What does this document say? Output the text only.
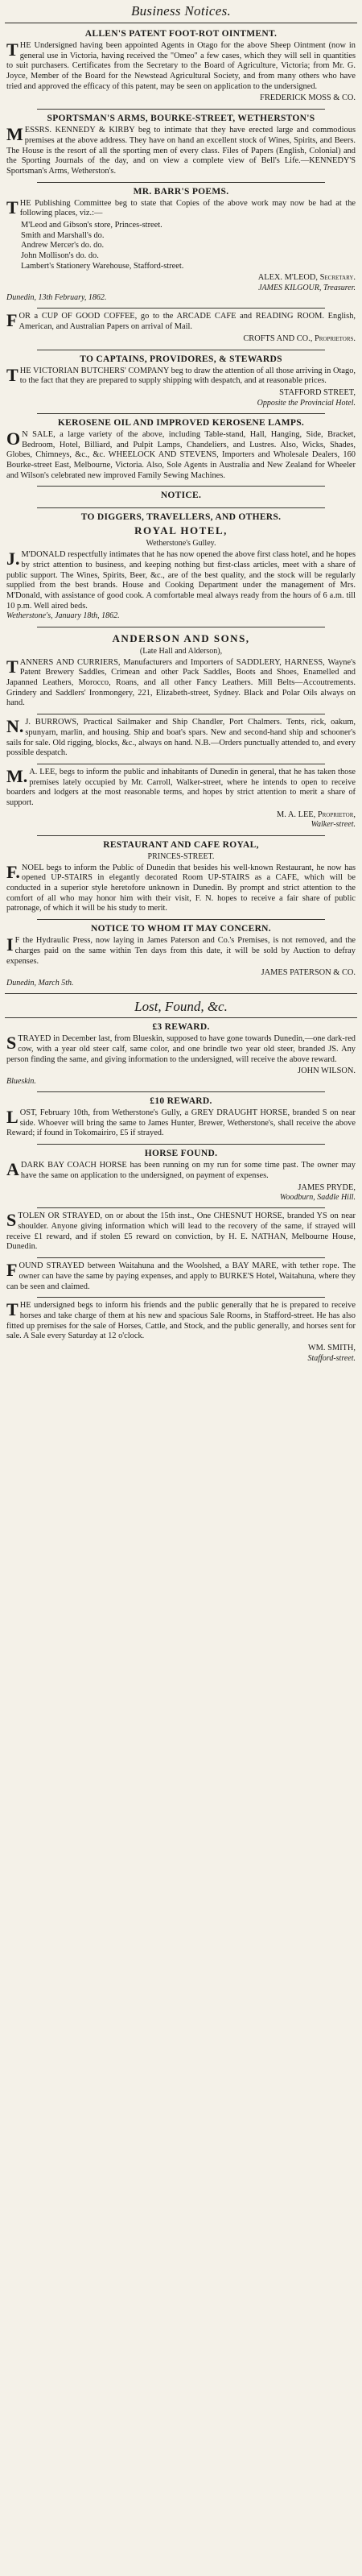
Business Notices.
ALLEN'S PATENT FOOT-ROT OINTMENT.

THE Undersigned having been appointed Agents in Otago for the above Sheep Ointment (now in general use in Victoria, having received the "Omeo" a few cases, which they will sell in quantities to suit purchasers. Certificates from the Secretary to the Board of Agriculture, Victoria; from Mr. G. Joyce, Member of the Board for the Newstead Agricultural Society, and from many others who have tried and approved the efficacy of this patent, may be seen on application to the undersigned.

FREDERICK MOSS & CO.
SPORTSMAN'S ARMS, BOURKE-STREET, WETHERSTON'S

MESSRS. KENNEDY & KIRBY beg to intimate that they have erected large and commodious premises at the above address. They have on hand an excellent stock of Wines, Spirits, and Beers. The House is the resort of all the sporting men of every class. Files of Papers (English, Colonial) and the Sporting Journals of the day, and on view a complete view of Bell's Life.—KENNEDY'S Sportsman's Arms, Wetherston's.

MR. BARR'S POEMS.

THE Publishing Committee beg to state that Copies of the above work may now be had at the following places, viz.:—

M'Leod and Gibson's store, Princes-street.
Smith and Marshall's do.
Andrew Mercer's do. do.
John Mollison's do. do.
Lambert's Stationery Warehouse, Stafford-street.
ALEX. M'LEOD, Secretary.
JAMES KILGOUR, Treasurer.
Dunedin, 13th February, 1862.

FOR a CUP OF GOOD COFFEE, go to the ARCADE CAFE and READING ROOM. English, American, and Australian Papers on arrival of Mail.

CROFTS AND CO., Proprietors.
TO CAPTAINS, PROVIDORES, & STEWARDS

THE VICTORIAN BUTCHERS' COMPANY beg to draw the attention of all those arriving in Otago, to the fact that they are prepared to supply shipping with despatch, and at reasonable prices.

STAFFORD STREET,
Opposite the Provincial Hotel.
KEROSENE OIL AND IMPROVED KEROSENE LAMPS.

ON SALE, a large variety of the above, including Table-stand, Hall, Hanging, Side, Bracket, Bedroom, Hotel, Billiard, and Pulpit Lamps, Chandeliers, and Lustres. Also, Wicks, Shades, Globes, Chimneys, &c., &c. WHEELOCK AND STEVENS, Importers and Wholesale Dealers, 160 Bourke-street East, Melbourne, Victoria. Also, Sole Agents in Australia and New Zealand for Wheeler and Wilson's celebrated new improved Family Sewing Machines.

NOTICE.
TO DIGGERS, TRAVELLERS, AND OTHERS.
ROYAL HOTEL,
Wetherstone's Gulley.

J.M'DONALD respectfully intimates that he has now opened the above first class hotel, and he hopes by strict attention to business, and keeping nothing but first-class articles, meet with a share of public support. The Wines, Spirits, Beer, &c., are of the best quality, and the stock will be regularly supplied from the best brands. House and Cooking Department under the management of Mrs. M'Donald, with assistance of good cook. A comfortable meal always ready from the hours of 6 a.m. till 10 p.m. Well aired beds.

Wetherstone's, January 18th, 1862.
ANDERSON AND SONS,
(Late Hall and Alderson),

TANNERS AND CURRIERS, Manufacturers and Importers of SADDLERY, HARNESS, Wayne's Patent Brewery Saddles, Crimean and other Pack Saddles, Boots and Shoes, Enamelled and Japanned Leathers, Morocco, Roans, and all other Fancy Leathers. Mill Belts—Accoutrements. Grindery and Saddlers' Ironmongery, 221, Elizabeth-street, Sydney. Black and Polar Oils always on hand.

N.J. BURROWS, Practical Sailmaker and Ship Chandler, Port Chalmers. Tents, rick, oakum, spunyarn, marlin, and housing. Ship and boat's spars. New and second-hand ship and schooner's sails for sale. Old rigging, blocks, &c., always on hand. N.B.—Orders punctually attended to, and every possible despatch.

M.A. LEE, begs to inform the public and inhabitants of Dunedin in general, that he has taken those premises lately occupied by Mr. Carroll, Walker-street, where he intends to open to receive boarders and lodgers at the most reasonable terms, and hopes by strict attention to merit a share of support.

M. A. LEE, Proprietor,
Walker-street.
RESTAURANT AND CAFE ROYAL,
PRINCES-STREET.

F.NOEL begs to inform the Public of Dunedin that besides his well-known Restaurant, he now has opened UP-STAIRS in elegantly decorated Room UP-STAIRS as a CAFE, which will be conducted in a superior style heretofore unknown in Dunedin. By prompt and strict attention to the comfort of all who may honor him with their visit, F. N. hopes to receive a fair share of public patronage, of which it will be his study to merit.

NOTICE TO WHOM IT MAY CONCERN.

IF the Hydraulic Press, now laying in James Paterson and Co.'s Premises, is not removed, and the charges paid on the same within Ten days from this date, it will be sold by Auction to defray expenses.

JAMES PATERSON & CO.
Dunedin, March 5th.
Lost, Found, &c.
£3 REWARD.

STRAYED in December last, from Blueskin, supposed to have gone towards Dunedin,—one dark-red cow, with a year old steer calf, same color, and one brindle two year old steer, branded JS. Any person finding the same, and giving information to the undersigned, will receive the above reward.

JOHN WILSON.
Blueskin.
£10 REWARD.

LOST, February 10th, from Wetherstone's Gully, a GREY DRAUGHT HORSE, branded S on near side. Whoever will bring the same to James Hunter, Brewer, Wetherstone's, shall receive the above Reward; if found in Tokomairiro, £5 if strayed.

HORSE FOUND.

ADARK BAY COACH HORSE has been running on my run for some time past. The owner may have the same on application to the undersigned, on payment of expenses.

JAMES PRYDE,
Woodburn, Saddle Hill.

STOLEN OR STRAYED, on or about the 15th inst., One CHESNUT HORSE, branded YS on near shoulder. Anyone giving information which will lead to the recovery of the same, if strayed will receive £1 reward, and if stolen £5 reward on conviction, by H. E. NATHAN, Melbourne House, Dunedin.

FOUND STRAYED between Waitahuna and the Woolshed, a BAY MARE, with tether rope. The owner can have the same by paying expenses, and apply to BURKE'S Hotel, Waitahuna, where they can be seen and claimed.

THE undersigned begs to inform his friends and the public generally that he is prepared to receive horses and take charge of them at his new and spacious Sale Rooms, in Stafford-street. He has also fitted up premises for the sale of Horses, Cattle, and Stock, and the public generally, and horses sent for sale. A Sale every Saturday at 12 o'clock.

WM. SMITH,
Stafford-street.
